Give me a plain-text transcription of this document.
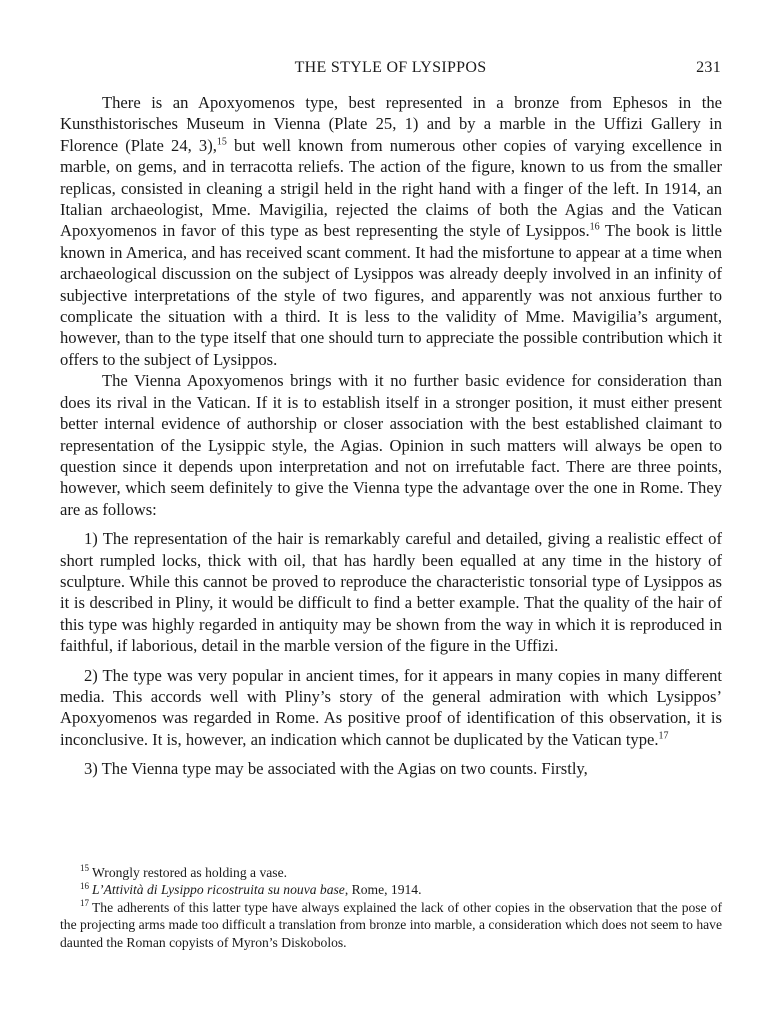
THE STYLE OF LYSIPPOS	231

There is an Apoxyomenos type, best represented in a bronze from Ephesos in the Kunsthistorisches Museum in Vienna (Plate 25, 1) and by a marble in the Uffizi Gallery in Florence (Plate 24, 3),$^{15}$ but well known from numerous other copies of varying excellence in marble, on gems, and in terracotta reliefs. The action of the figure, known to us from the smaller replicas, consisted in cleaning a strigil held in the right hand with a finger of the left. In 1914, an Italian archaeologist, Mme. Mavigilia, rejected the claims of both the Agias and the Vatican Apoxyomenos in favor of this type as best representing the style of Lysippos.$^{16}$ The book is little known in America, and has received scant comment. It had the misfortune to appear at a time when archaeological discussion on the subject of Lysippos was already deeply involved in an infinity of subjective interpretations of the style of two figures, and apparently was not anxious further to complicate the situation with a third. It is less to the validity of Mme. Mavigilia’s argument, however, than to the type itself that one should turn to appreciate the possible contribution which it offers to the subject of Lysippos.

The Vienna Apoxyomenos brings with it no further basic evidence for consideration than does its rival in the Vatican. If it is to establish itself in a stronger position, it must either present better internal evidence of authorship or closer association with the best established claimant to representation of the Lysippic style, the Agias. Opinion in such matters will always be open to question since it depends upon interpretation and not on irrefutable fact. There are three points, however, which seem definitely to give the Vienna type the advantage over the one in Rome. They are as follows:

1) The representation of the hair is remarkably careful and detailed, giving a realistic effect of short rumpled locks, thick with oil, that has hardly been equalled at any time in the history of sculpture. While this cannot be proved to reproduce the characteristic tonsorial type of Lysippos as it is described in Pliny, it would be difficult to find a better example. That the quality of the hair of this type was highly regarded in antiquity may be shown from the way in which it is reproduced in faithful, if laborious, detail in the marble version of the figure in the Uffizi.

2) The type was very popular in ancient times, for it appears in many copies in many different media. This accords well with Pliny’s story of the general admiration with which Lysippos’ Apoxyomenos was regarded in Rome. As positive proof of identification of this observation, it is inconclusive. It is, however, an indication which cannot be duplicated by the Vatican type.$^{17}$

3) The Vienna type may be associated with the Agias on two counts. Firstly,

$^{15}$ Wrongly restored as holding a vase.

$^{16}$ L’Attività di Lysippo ricostruita su nouva base, Rome, 1914.

$^{17}$ The adherents of this latter type have always explained the lack of other copies in the observation that the pose of the projecting arms made too difficult a translation from bronze into marble, a consideration which does not seem to have daunted the Roman copyists of Myron’s Diskobolos.
